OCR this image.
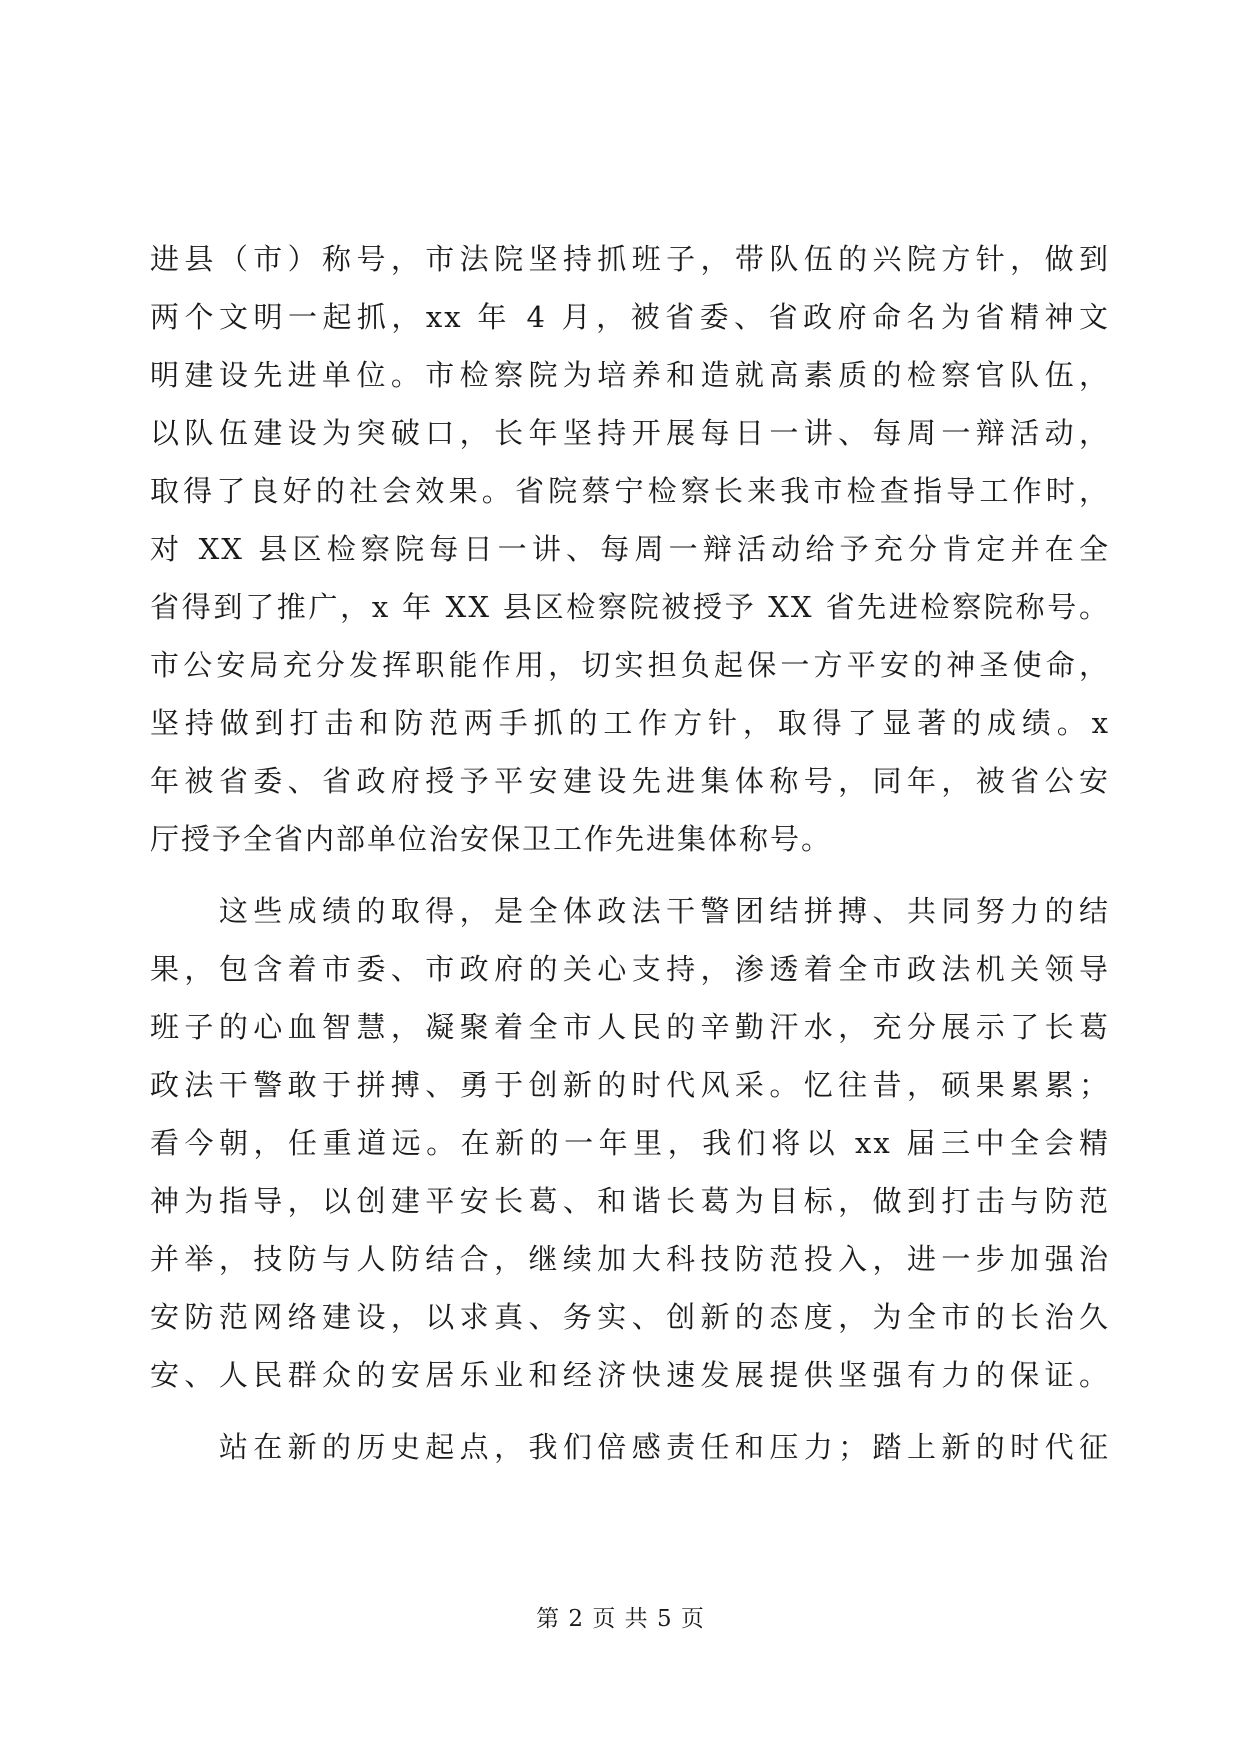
进县（市）称号，市法院坚持抓班子，带队伍的兴院方针，做到
两个文明一起抓，xx 年 4 月，被省委、省政府命名为省精神文
明建设先进单位。市检察院为培养和造就高素质的检察官队伍，
以队伍建设为突破口，长年坚持开展每日一讲、每周一辩活动，
取得了良好的社会效果。省院蔡宁检察长来我市检查指导工作时，
对 XX 县区检察院每日一讲、每周一辩活动给予充分肯定并在全
省得到了推广，x 年 XX 县区检察院被授予 XX 省先进检察院称号。
市公安局充分发挥职能作用，切实担负起保一方平安的神圣使命，
坚持做到打击和防范两手抓的工作方针，取得了显著的成绩。x
年被省委、省政府授予平安建设先进集体称号，同年，被省公安
厅授予全省内部单位治安保卫工作先进集体称号。
　　这些成绩的取得，是全体政法干警团结拼搏、共同努力的结
果，包含着市委、市政府的关心支持，渗透着全市政法机关领导
班子的心血智慧，凝聚着全市人民的辛勤汗水，充分展示了长葛
政法干警敢于拼搏、勇于创新的时代风采。忆往昔，硕果累累；
看今朝，任重道远。在新的一年里，我们将以 xx 届三中全会精
神为指导，以创建平安长葛、和谐长葛为目标，做到打击与防范
并举，技防与人防结合，继续加大科技防范投入，进一步加强治
安防范网络建设，以求真、务实、创新的态度，为全市的长治久
安、人民群众的安居乐业和经济快速发展提供坚强有力的保证。
　　站在新的历史起点，我们倍感责任和压力；踏上新的时代征
第 2 页 共 5 页
